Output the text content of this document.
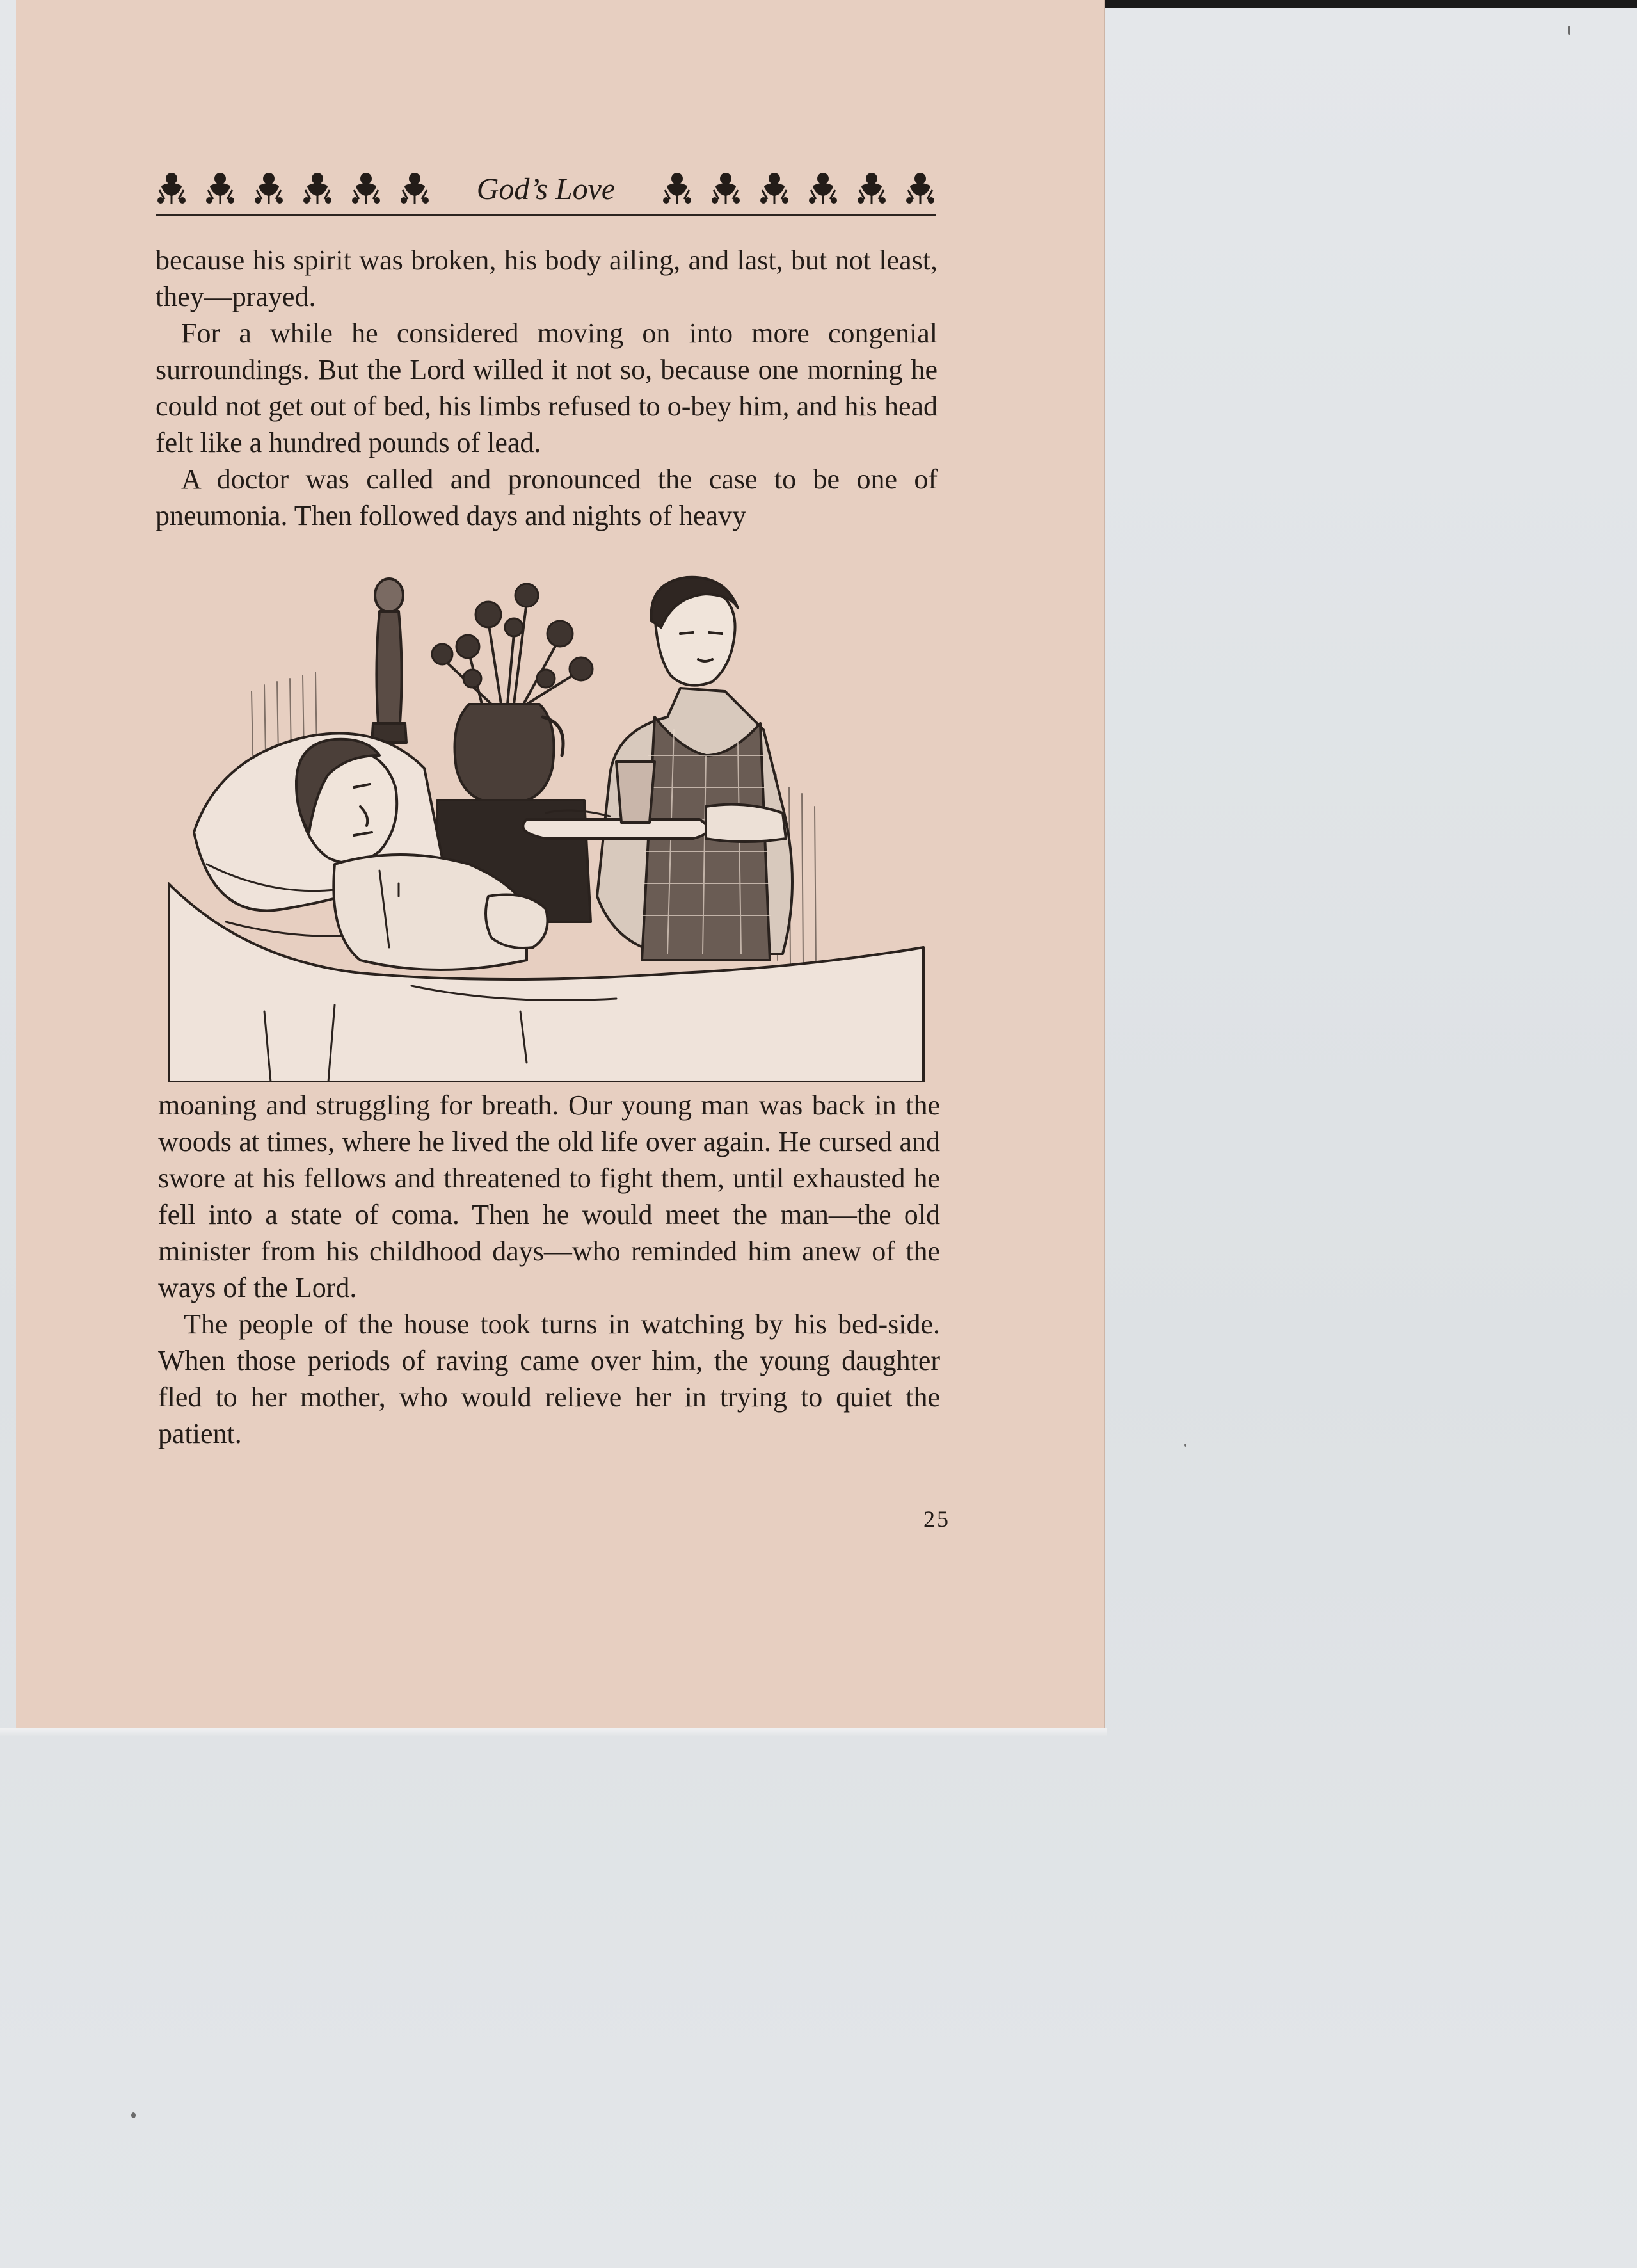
God’s Love

because his spirit was broken, his body ailing, and last, but not least, they—prayed.

For a while he considered moving on into more congenial surroundings. But the Lord willed it not so, because one morning he could not get out of bed, his limbs refused to o-bey him, and his head felt like a hundred pounds of lead.

A doctor was called and pronounced the case to be one of pneumonia. Then followed days and nights of heavy

moaning and struggling for breath. Our young man was back in the woods at times, where he lived the old life over again. He cursed and swore at his fellows and threatened to fight them, until exhausted he fell into a state of coma. Then he would meet the man—the old minister from his childhood days—who reminded him anew of the ways of the Lord.

The people of the house took turns in watching by his bed-side. When those periods of raving came over him, the young daughter fled to her mother, who would relieve her in trying to quiet the patient.

25
